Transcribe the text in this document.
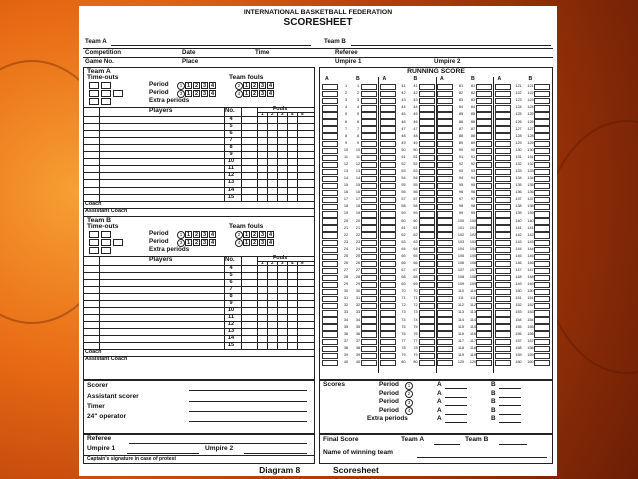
INTERNATIONAL BASKETBALL FEDERATION
SCORESHEET
Team A	Team B
Competition	Date	Time	Referee
Game No.	Place	Umpire 1	Umpire 2
Team A
Time-outs	Team fouls
Period	1 1 2 3 4	2 1 2 3 4
Period	3 1 2 3 4	4 1 2 3 4
Extra periods
Players	No.	Fouls
1 2 3 4 5
4
5
6
7
8
9
10
11
12
13
14
15
Coach
Assistant Coach
Team B
Time-outs	Team fouls
Period	1 1 2 3 4	2 1 2 3 4
Period	3 1 2 3 4	4 1 2 3 4
Extra periods
Players	No.	Fouls
1 2 3 4 5
4
5
6
7
8
9
10
11
12
13
14
15
Coach
Assistant Coach
RUNNING SCORE
A	B
1	1
2	2
3	3
4	4
5	5
6	6
7	7
8	8
9	9
10	10
11	11
12	12
13	13
14	14
15	15
16	16
17	17
18	18
19	19
20	20
21	21
22	22
23	23
24	24
25	25
26	26
27	27
28	28
29	29
30	30
31	31
32	32
33	33
34	34
35	35
36	36
37	37
38	38
39	39
40	40
A	B
41	41
42	42
43	43
44	44
45	45
46	46
47	47
48	48
49	49
50	50
51	51
52	52
53	53
54	54
55	55
56	56
57	57
58	58
59	59
60	60
61	61
62	62
63	63
64	64
65	65
66	66
67	67
68	68
69	69
70	70
71	71
72	72
73	73
74	74
75	75
76	76
77	77
78	78
79	79
80	80
A	B
81	81
82	82
83	83
84	84
85	85
86	86
87	87
88	88
89	89
90	90
91	91
92	92
93	93
94	94
95	95
96	96
97	97
98	98
99	99
100	100
101	101
102	102
103	103
104	104
105	105
106	106
107	107
108	108
109	109
110	110
111	111
112	112
113	113
114	114
115	115
116	116
117	117
118	118
119	119
120	120
A	B
121	121
122	122
123	123
124	124
125	125
126	126
127	127
128	128
129	129
130	130
131	131
132	132
133	133
134	134
135	135
136	136
137	137
138	138
139	139
140	140
141	141
142	142
143	143
144	144
145	145
146	146
147	147
148	148
149	149
150	150
151	151
152	152
153	153
154	154
155	155
156	156
157	157
158	158
159	159
160	160
Scorer
Assistant scorer
Timer
24" operator
Scores	Period	1	A	B
Period	2	A	B
Period	3	A	B
Period	4	A	B
Extra periods	A	B
Referee
Umpire 1	Umpire 2
Captain's signature in case of protest
Final Score	Team A	Team B
Name of winning team
Diagram 8	Scoresheet
